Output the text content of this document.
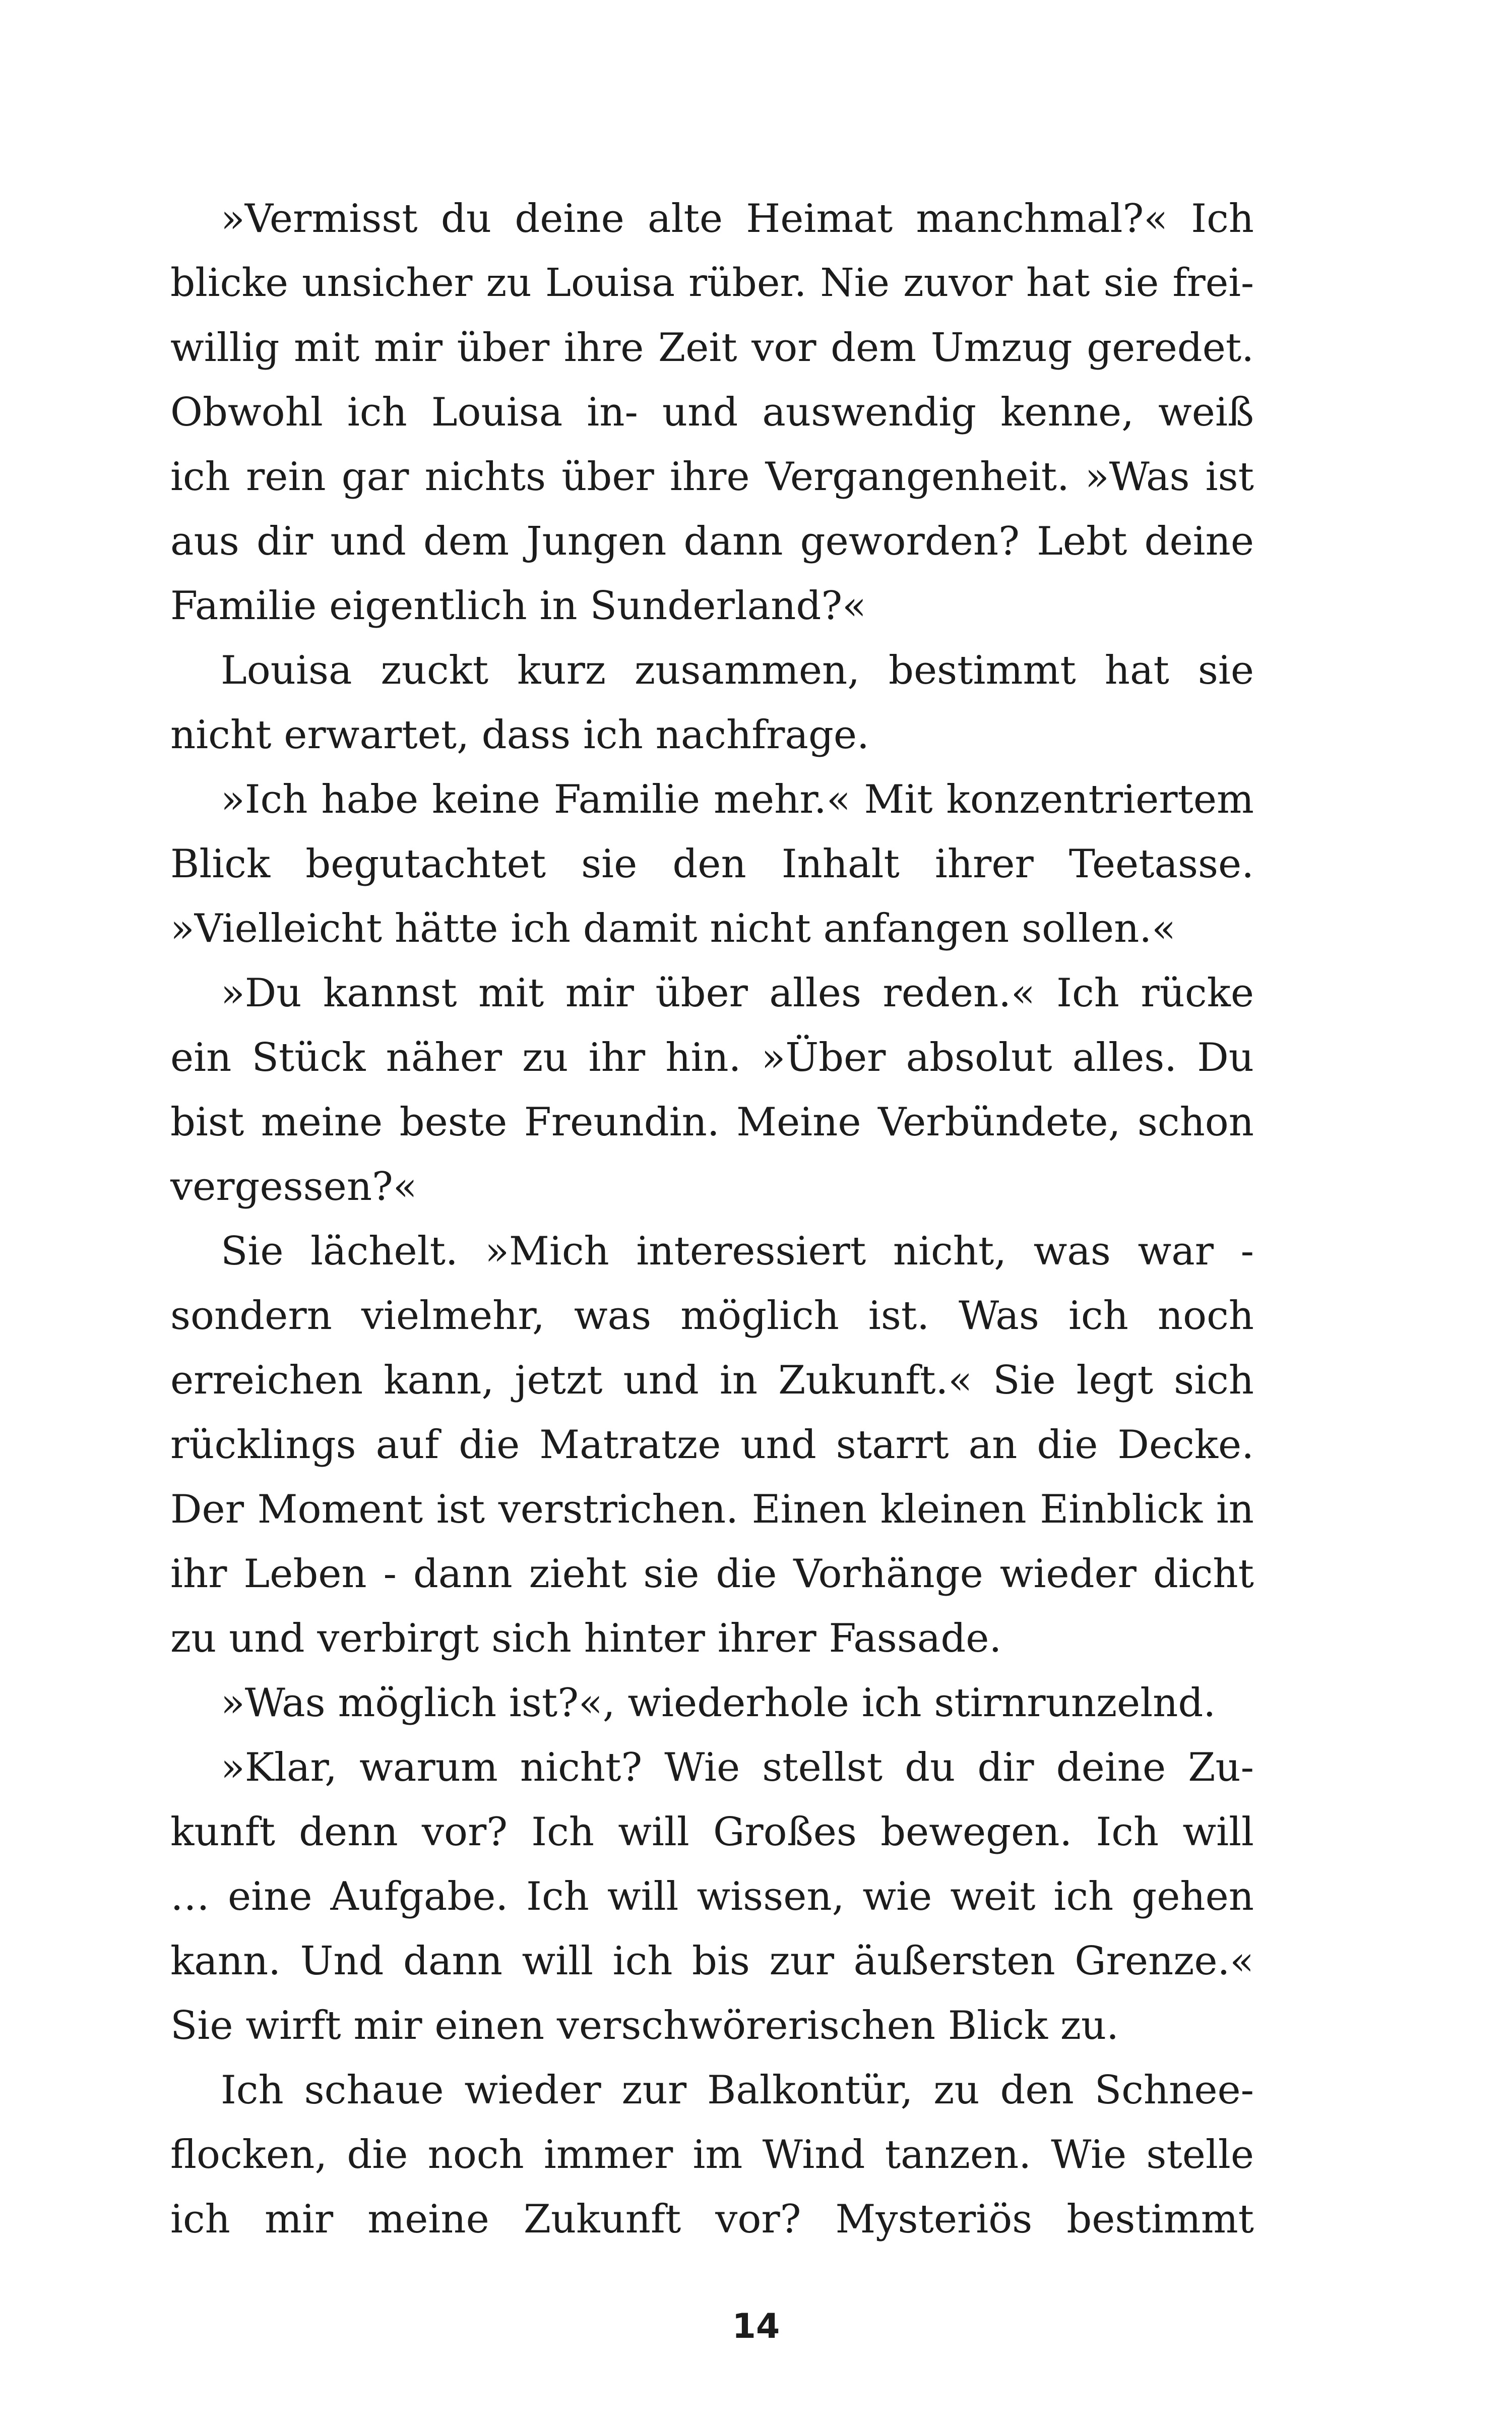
»Vermisst du deine alte Heimat manchmal?« Ich
blicke unsicher zu Louisa rüber. Nie zuvor hat sie frei-
willig mit mir über ihre Zeit vor dem Umzug geredet.
Obwohl ich Louisa in- und auswendig kenne, weiß
ich rein gar nichts über ihre Vergangenheit. »Was ist
aus dir und dem Jungen dann geworden? Lebt deine
Familie eigentlich in Sunderland?«
Louisa zuckt kurz zusammen, bestimmt hat sie
nicht erwartet, dass ich nachfrage.
»Ich habe keine Familie mehr.« Mit konzentriertem
Blick begutachtet sie den Inhalt ihrer Teetasse.
»Vielleicht hätte ich damit nicht anfangen sollen.«
»Du kannst mit mir über alles reden.« Ich rücke
ein Stück näher zu ihr hin. »Über absolut alles. Du
bist meine beste Freundin. Meine Verbündete, schon
vergessen?«
Sie lächelt. »Mich interessiert nicht, was war -
sondern vielmehr, was möglich ist. Was ich noch
erreichen kann, jetzt und in Zukunft.« Sie legt sich
rücklings auf die Matratze und starrt an die Decke.
Der Moment ist verstrichen. Einen kleinen Einblick in
ihr Leben - dann zieht sie die Vorhänge wieder dicht
zu und verbirgt sich hinter ihrer Fassade.
»Was möglich ist?«, wiederhole ich stirnrunzelnd.
»Klar, warum nicht? Wie stellst du dir deine Zu-
kunft denn vor? Ich will Großes bewegen. Ich will
… eine Aufgabe. Ich will wissen, wie weit ich gehen
kann. Und dann will ich bis zur äußersten Grenze.«
Sie wirft mir einen verschwörerischen Blick zu.
Ich schaue wieder zur Balkontür, zu den Schnee-
flocken, die noch immer im Wind tanzen. Wie stelle
ich mir meine Zukunft vor? Mysteriös bestimmt
14
